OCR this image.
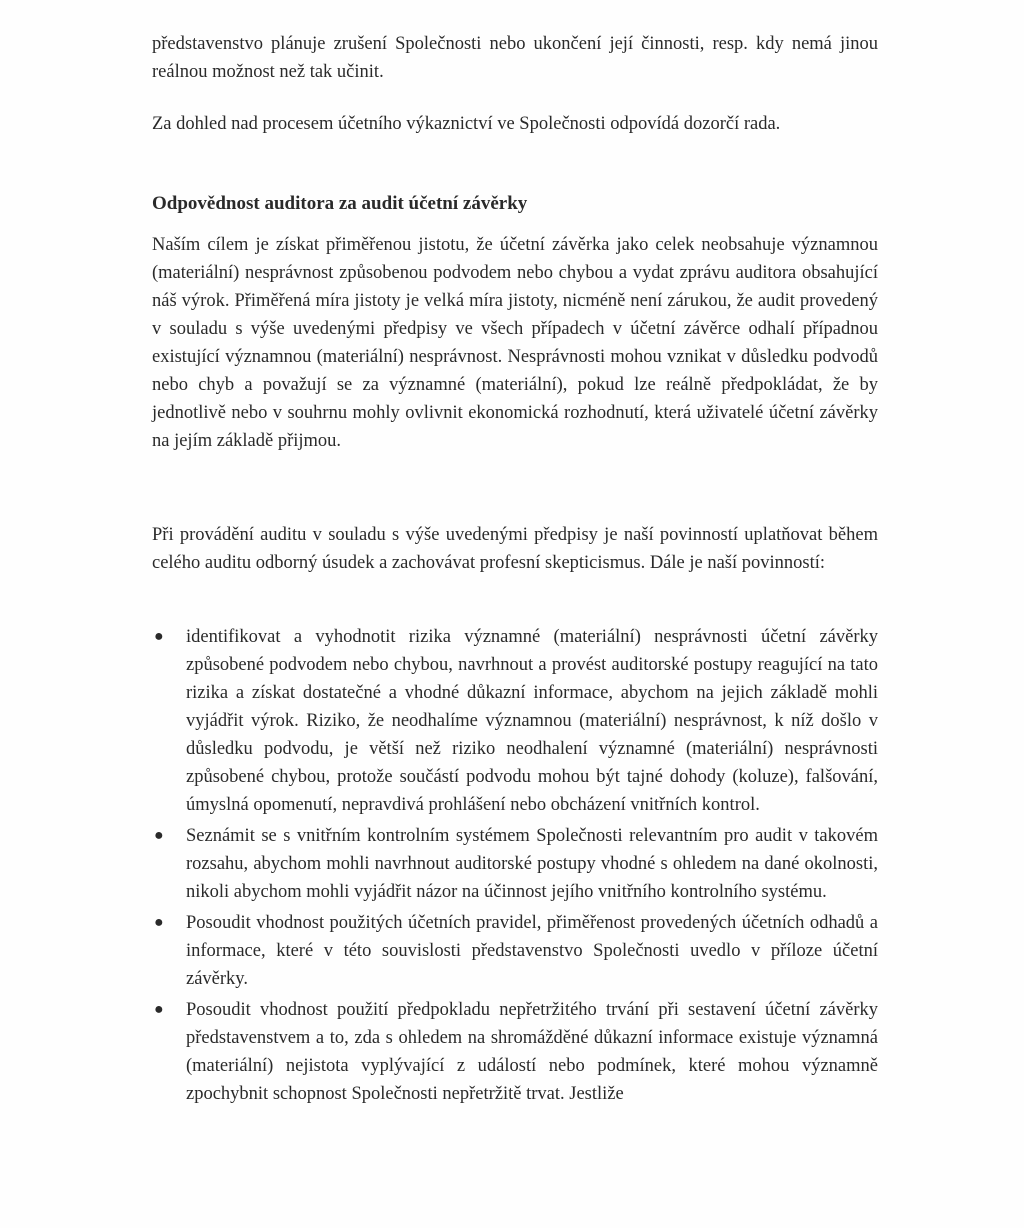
představenstvo plánuje zrušení Společnosti nebo ukončení její činnosti, resp. kdy nemá jinou reálnou možnost než tak učinit.

Za dohled nad procesem účetního výkaznictví ve Společnosti odpovídá dozorčí rada.

Odpovědnost auditora za audit účetní závěrky

Naším cílem je získat přiměřenou jistotu, že účetní závěrka jako celek neobsahuje významnou (materiální) nesprávnost způsobenou podvodem nebo chybou a vydat zprávu auditora obsahující náš výrok. Přiměřená míra jistoty je velká míra jistoty, nicméně není zárukou, že audit provedený v souladu s výše uvedenými předpisy ve všech případech v účetní závěrce odhalí případnou existující významnou (materiální) nesprávnost. Nesprávnosti mohou vznikat v důsledku podvodů nebo chyb a považují se za významné (materiální), pokud lze reálně předpokládat, že by jednotlivě nebo v souhrnu mohly ovlivnit ekonomická rozhodnutí, která uživatelé účetní závěrky na jejím základě přijmou.

Při provádění auditu v souladu s výše uvedenými předpisy je naší povinností uplatňovat během celého auditu odborný úsudek a zachovávat profesní skepticismus. Dále je naší povinností:

● identifikovat a vyhodnotit rizika významné (materiální) nesprávnosti účetní závěrky způsobené podvodem nebo chybou, navrhnout a provést auditorské postupy reagující na tato rizika a získat dostatečné a vhodné důkazní informace, abychom na jejich základě mohli vyjádřit výrok. Riziko, že neodhalíme významnou (materiální) nesprávnost, k níž došlo v důsledku podvodu, je větší než riziko neodhalení významné (materiální) nesprávnosti způsobené chybou, protože součástí podvodu mohou být tajné dohody (koluze), falšování, úmyslná opomenutí, nepravdivá prohlášení nebo obcházení vnitřních kontrol.
● Seznámit se s vnitřním kontrolním systémem Společnosti relevantním pro audit v takovém rozsahu, abychom mohli navrhnout auditorské postupy vhodné s ohledem na dané okolnosti, nikoli abychom mohli vyjádřit názor na účinnost jejího vnitřního kontrolního systému.
● Posoudit vhodnost použitých účetních pravidel, přiměřenost provedených účetních odhadů a informace, které v této souvislosti představenstvo Společnosti uvedlo v příloze účetní závěrky.
● Posoudit vhodnost použití předpokladu nepřetržitého trvání při sestavení účetní závěrky představenstvem a to, zda s ohledem na shromážděné důkazní informace existuje významná (materiální) nejistota vyplývající z událostí nebo podmínek, které mohou významně zpochybnit schopnost Společnosti nepřetržitě trvat. Jestliže
